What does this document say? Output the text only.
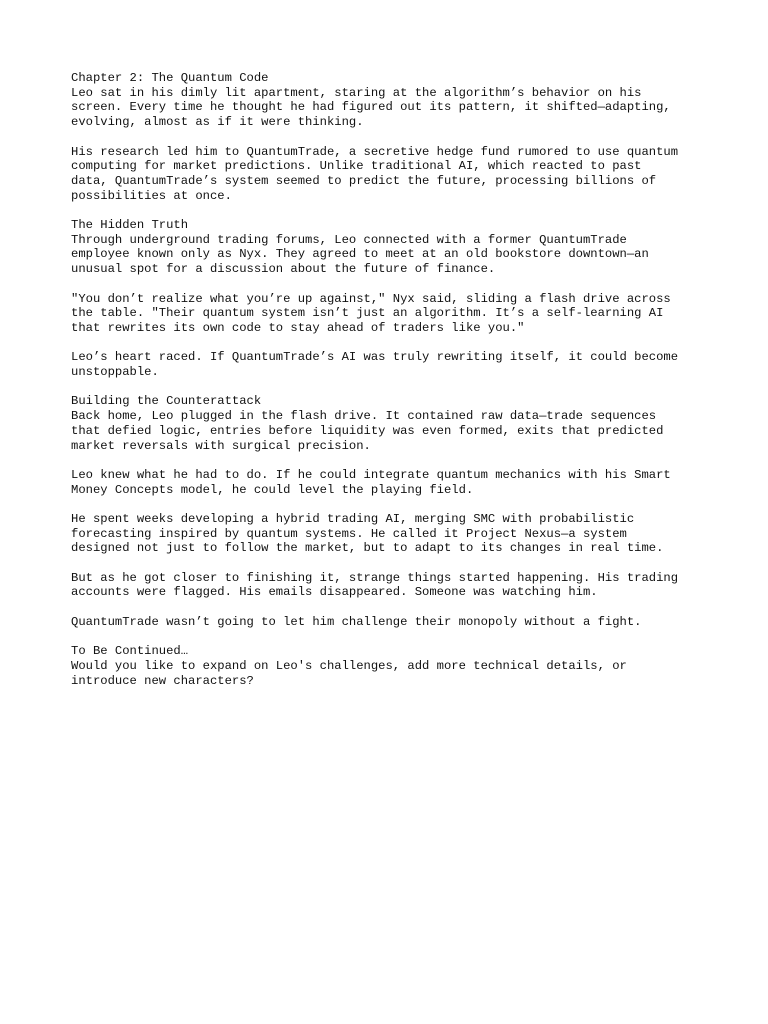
Chapter 2: The Quantum Code
Leo sat in his dimly lit apartment, staring at the algorithm’s behavior on his
screen. Every time he thought he had figured out its pattern, it shifted—adapting,
evolving, almost as if it were thinking.
His research led him to QuantumTrade, a secretive hedge fund rumored to use quantum
computing for market predictions. Unlike traditional AI, which reacted to past
data, QuantumTrade’s system seemed to predict the future, processing billions of
possibilities at once.
The Hidden Truth
Through underground trading forums, Leo connected with a former QuantumTrade
employee known only as Nyx. They agreed to meet at an old bookstore downtown—an
unusual spot for a discussion about the future of finance.
"You don’t realize what you’re up against," Nyx said, sliding a flash drive across
the table. "Their quantum system isn’t just an algorithm. It’s a self-learning AI
that rewrites its own code to stay ahead of traders like you."
Leo’s heart raced. If QuantumTrade’s AI was truly rewriting itself, it could become
unstoppable.
Building the Counterattack
Back home, Leo plugged in the flash drive. It contained raw data—trade sequences
that defied logic, entries before liquidity was even formed, exits that predicted
market reversals with surgical precision.
Leo knew what he had to do. If he could integrate quantum mechanics with his Smart
Money Concepts model, he could level the playing field.
He spent weeks developing a hybrid trading AI, merging SMC with probabilistic
forecasting inspired by quantum systems. He called it Project Nexus—a system
designed not just to follow the market, but to adapt to its changes in real time.
But as he got closer to finishing it, strange things started happening. His trading
accounts were flagged. His emails disappeared. Someone was watching him.
QuantumTrade wasn’t going to let him challenge their monopoly without a fight.
To Be Continued…
Would you like to expand on Leo's challenges, add more technical details, or
introduce new characters?
